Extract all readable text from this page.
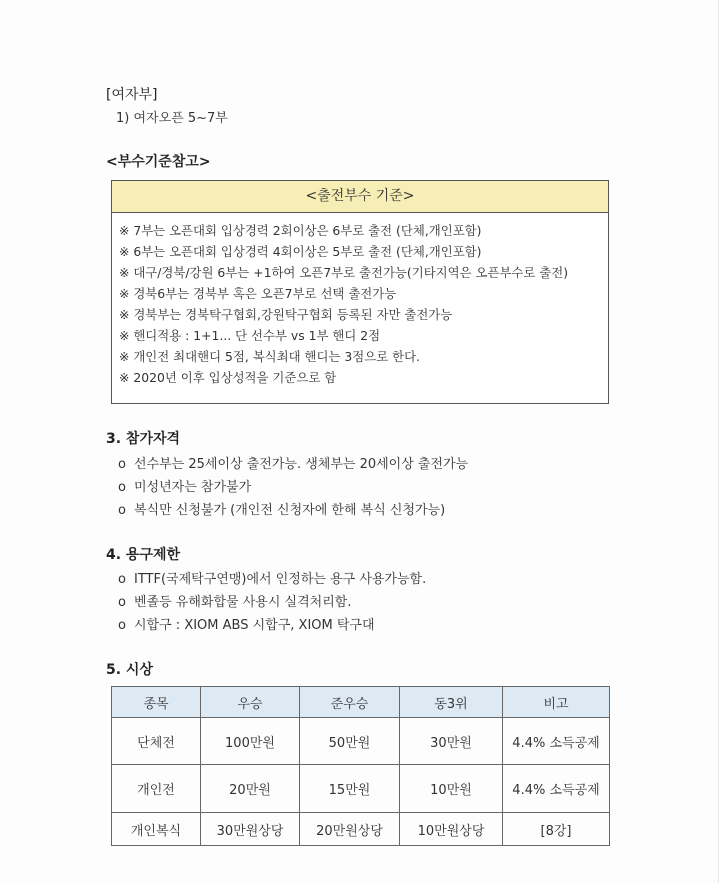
[여자부]
1) 여자오픈 5~7부
<부수기준참고>
<출전부수 기준>
※ 7부는 오픈대회 입상경력 2회이상은 6부로 출전 (단체,개인포함)
※ 6부는 오픈대회 입상경력 4회이상은 5부로 출전 (단체,개인포함)
※ 대구/경북/강원 6부는 +1하여 오픈7부로 출전가능(기타지역은 오픈부수로 출전)
※ 경북6부는 경북부 혹은 오픈7부로 선택 출전가능
※ 경북부는 경북탁구협회,강원탁구협회 등록된 자만 출전가능
※ 핸디적용 : 1+1... 단 선수부 vs 1부 핸디 2점
※ 개인전 최대핸디 5점, 복식최대 핸디는 3점으로 한다.
※ 2020년 이후 입상성적을 기준으로 함
3. 참가자격
o 선수부는 25세이상 출전가능. 생체부는 20세이상 출전가능
o 미성년자는 참가불가
o 복식만 신청불가 (개인전 신청자에 한해 복식 신청가능)
4. 용구제한
o ITTF(국제탁구연맹)에서 인정하는 용구 사용가능함.
o 벤졸등 유해화합물 사용시 실격처리함.
o 시합구 : XIOM ABS 시합구, XIOM 탁구대
5. 시상
종목	우승	준우승	동3위	비고
단체전	100만원	50만원	30만원	4.4% 소득공제
개인전	20만원	15만원	10만원	4.4% 소득공제
개인복식	30만원상당	20만원상당	10만원상당	[8강]
